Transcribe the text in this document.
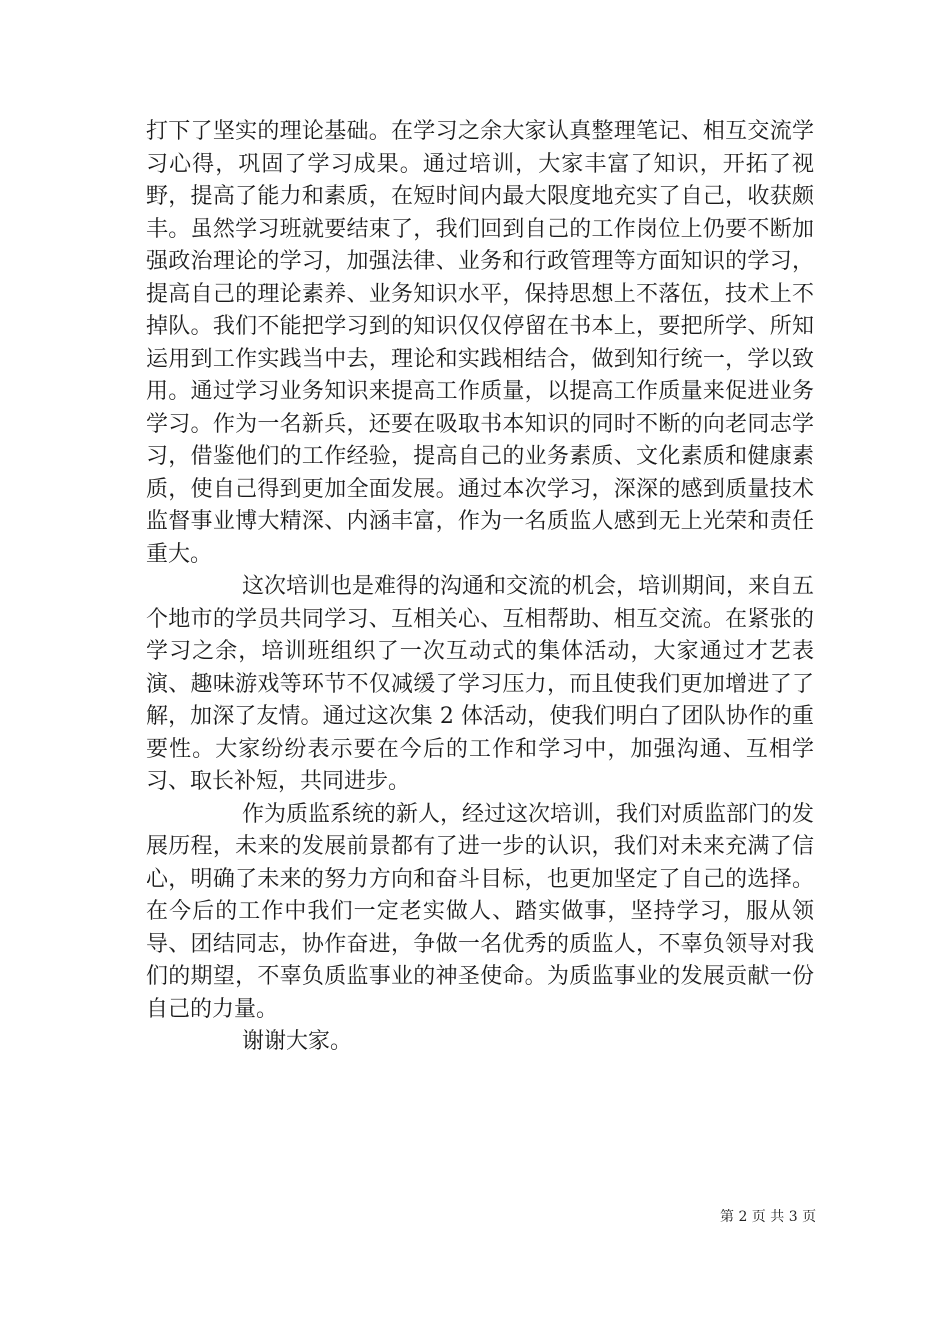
打下了坚实的理论基础。在学习之余大家认真整理笔记、相互交流学习心得，巩固了学习成果。通过培训，大家丰富了知识，开拓了视野，提高了能力和素质，在短时间内最大限度地充实了自己，收获颇丰。虽然学习班就要结束了，我们回到自己的工作岗位上仍要不断加强政治理论的学习，加强法律、业务和行政管理等方面知识的学习，提高自己的理论素养、业务知识水平，保持思想上不落伍，技术上不掉队。我们不能把学习到的知识仅仅停留在书本上，要把所学、所知运用到工作实践当中去，理论和实践相结合，做到知行统一，学以致用。通过学习业务知识来提高工作质量，以提高工作质量来促进业务学习。作为一名新兵，还要在吸取书本知识的同时不断的向老同志学习，借鉴他们的工作经验，提高自己的业务素质、文化素质和健康素质，使自己得到更加全面发展。通过本次学习，深深的感到质量技术监督事业博大精深、内涵丰富，作为一名质监人感到无上光荣和责任重大。

这次培训也是难得的沟通和交流的机会，培训期间，来自五个地市的学员共同学习、互相关心、互相帮助、相互交流。在紧张的学习之余，培训班组织了一次互动式的集体活动，大家通过才艺表演、趣味游戏等环节不仅减缓了学习压力，而且使我们更加增进了了解，加深了友情。通过这次集 2 体活动，使我们明白了团队协作的重要性。大家纷纷表示要在今后的工作和学习中，加强沟通、互相学习、取长补短，共同进步。

作为质监系统的新人，经过这次培训，我们对质监部门的发展历程，未来的发展前景都有了进一步的认识，我们对未来充满了信心，明确了未来的努力方向和奋斗目标，也更加坚定了自己的选择。在今后的工作中我们一定老实做人、踏实做事，坚持学习，服从领导、团结同志，协作奋进，争做一名优秀的质监人，不辜负领导对我们的期望，不辜负质监事业的神圣使命。为质监事业的发展贡献一份自己的力量。

谢谢大家。

第 2 页 共 3 页
